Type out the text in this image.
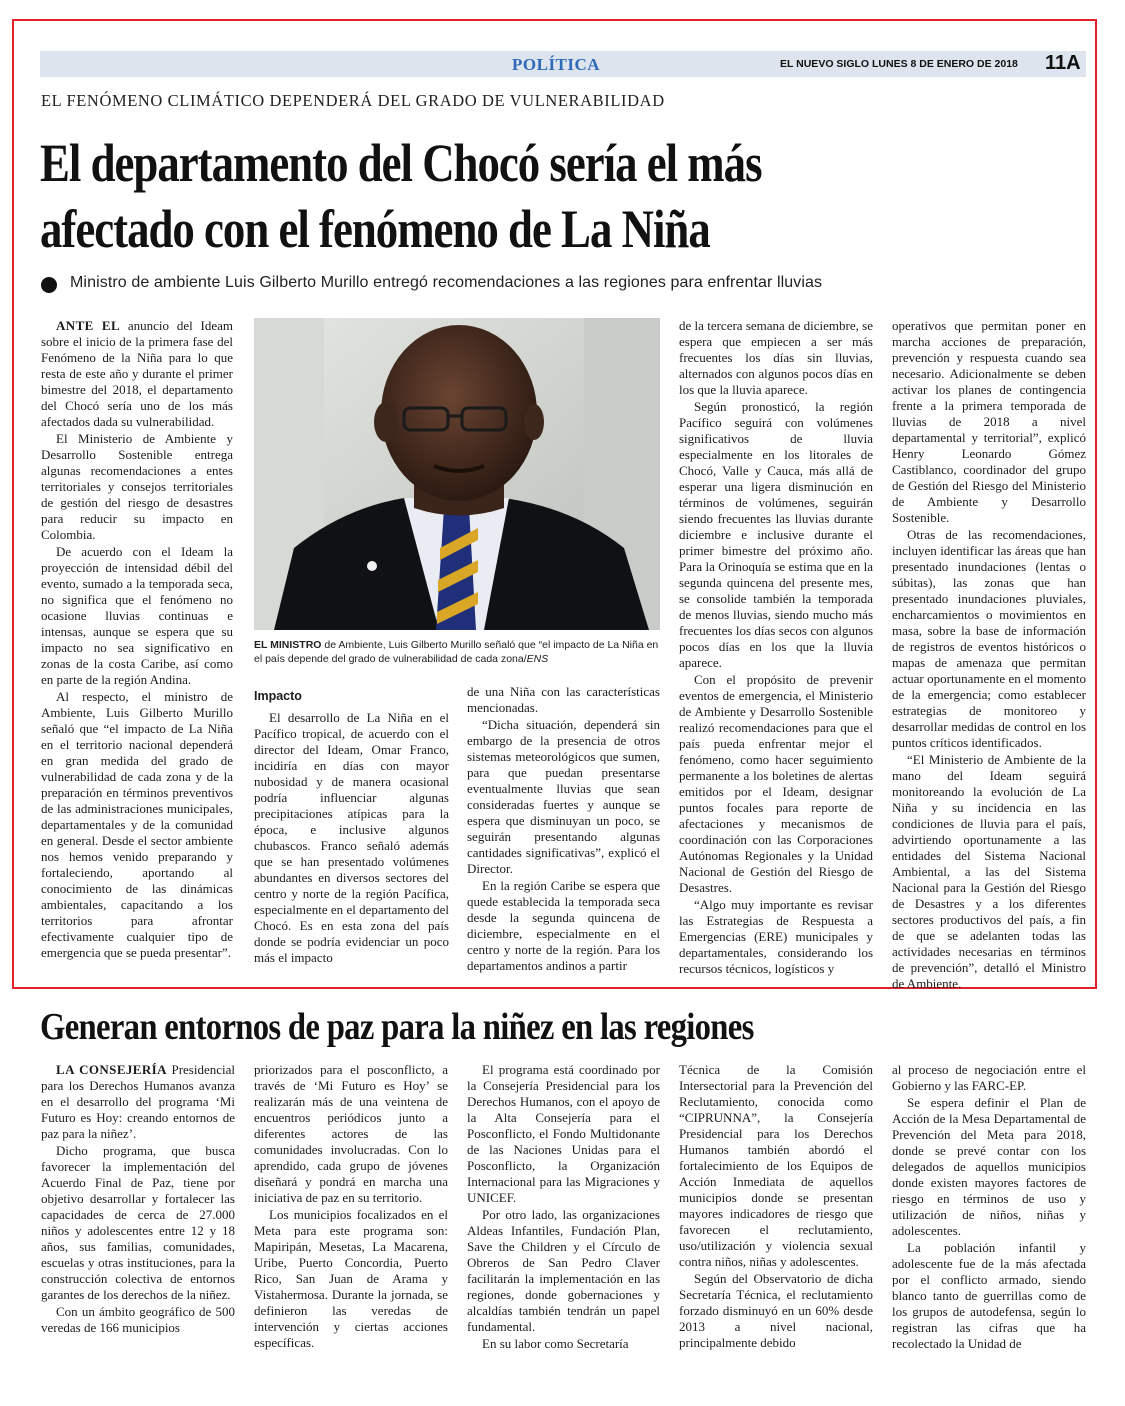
POLÍTICA	EL NUEVO SIGLO LUNES 8 DE ENERO DE 2018 11A
EL FENÓMENO CLIMÁTICO DEPENDERÁ DEL GRADO DE VULNERABILIDAD
El departamento del Chocó sería el más
afectado con el fenómeno de La Niña
Ministro de ambiente Luis Gilberto Murillo entregó recomendaciones a las regiones para enfrentar lluvias

ANTE EL anuncio del Ideam sobre el inicio de la primera fase del Fenómeno de la Niña para lo que resta de este año y durante el primer bimestre del 2018, el departamento del Chocó sería uno de los más afectados dada su vulnerabilidad.

El Ministerio de Ambiente y Desarrollo Sostenible entrega algunas recomendaciones a entes territoriales y consejos territoriales de gestión del riesgo de desastres para reducir su impacto en Colombia.

De acuerdo con el Ideam la proyección de intensidad débil del evento, sumado a la temporada seca, no significa que el fenómeno no ocasione lluvias continuas e intensas, aunque se espera que su impacto no sea significativo en zonas de la costa Caribe, así como en parte de la región Andina.

Al respecto, el ministro de Ambiente, Luis Gilberto Murillo señaló que “el impacto de La Niña en el territorio nacional dependerá en gran medida del grado de vulnerabilidad de cada zona y de la preparación en términos preventivos de las administraciones municipales, departamentales y de la comunidad en general. Desde el sector ambiente nos hemos venido preparando y fortaleciendo, aportando al conocimiento de las dinámicas ambientales, capacitando a los territorios para afrontar efectivamente cualquier tipo de emergencia que se pueda presentar”.

EL MINISTRO de Ambiente, Luis Gilberto Murillo señaló que “el impacto de La Niña en el país depende del grado de vulnerabilidad de cada zona/ENS
Impacto

El desarrollo de La Niña en el Pacífico tropical, de acuerdo con el director del Ideam, Omar Franco, incidiría en días con mayor nubosidad y de manera ocasional podría influenciar algunas precipitaciones atípicas para la época, e inclusive algunos chubascos. Franco señaló además que se han presentado volúmenes abundantes en diversos sectores del centro y norte de la región Pacífica, especialmente en el departamento del Chocó. Es en esta zona del país donde se podría evidenciar un poco más el impacto

de una Niña con las características mencionadas.

“Dicha situación, dependerá sin embargo de la presencia de otros sistemas meteorológicos que sumen, para que puedan presentarse eventualmente lluvias que sean consideradas fuertes y aunque se espera que disminuyan un poco, se seguirán presentando algunas cantidades significativas”, explicó el Director.

En la región Caribe se espera que quede establecida la temporada seca desde la segunda quincena de diciembre, especialmente en el centro y norte de la región. Para los departamentos andinos a partir

de la tercera semana de diciembre, se espera que empiecen a ser más frecuentes los días sin lluvias, alternados con algunos pocos días en los que la lluvia aparece.

Según pronosticó, la región Pacífico seguirá con volúmenes significativos de lluvia especialmente en los litorales de Chocó, Valle y Cauca, más allá de esperar una ligera disminución en términos de volúmenes, seguirán siendo frecuentes las lluvias durante diciembre e inclusive durante el primer bimestre del próximo año. Para la Orinoquía se estima que en la segunda quincena del presente mes, se consolide también la temporada de menos lluvias, siendo mucho más frecuentes los días secos con algunos pocos días en los que la lluvia aparece.

Con el propósito de prevenir eventos de emergencia, el Ministerio de Ambiente y Desarrollo Sostenible realizó recomendaciones para que el país pueda enfrentar mejor el fenómeno, como hacer seguimiento permanente a los boletines de alertas emitidos por el Ideam, designar puntos focales para reporte de afectaciones y mecanismos de coordinación con las Corporaciones Autónomas Regionales y la Unidad Nacional de Gestión del Riesgo de Desastres.

“Algo muy importante es revisar las Estrategias de Respuesta a Emergencias (ERE) municipales y departamentales, considerando los recursos técnicos, logísticos y

operativos que permitan poner en marcha acciones de preparación, prevención y respuesta cuando sea necesario. Adicionalmente se deben activar los planes de contingencia frente a la primera temporada de lluvias de 2018 a nivel departamental y territorial”, explicó Henry Leonardo Gómez Castiblanco, coordinador del grupo de Gestión del Riesgo del Ministerio de Ambiente y Desarrollo Sostenible.

Otras de las recomendaciones, incluyen identificar las áreas que han presentado inundaciones (lentas o súbitas), las zonas que han presentado inundaciones pluviales, encharcamientos o movimientos en masa, sobre la base de información de registros de eventos históricos o mapas de amenaza que permitan actuar oportunamente en el momento de la emergencia; como establecer estrategias de monitoreo y desarrollar medidas de control en los puntos críticos identificados.

“El Ministerio de Ambiente de la mano del Ideam seguirá monitoreando la evolución de La Niña y su incidencia en las condiciones de lluvia para el país, advirtiendo oportunamente a las entidades del Sistema Nacional Ambiental, a las del Sistema Nacional para la Gestión del Riesgo de Desastres y a los diferentes sectores productivos del país, a fin de que se adelanten todas las actividades necesarias en términos de prevención”, detalló el Ministro de Ambiente.

Generan entornos de paz para la niñez en las regiones

LA CONSEJERÍA Presidencial para los Derechos Humanos avanza en el desarrollo del programa ‘Mi Futuro es Hoy: creando entornos de paz para la niñez’.

Dicho programa, que busca favorecer la implementación del Acuerdo Final de Paz, tiene por objetivo desarrollar y fortalecer las capacidades de cerca de 27.000 niños y adolescentes entre 12 y 18 años, sus familias, comunidades, escuelas y otras instituciones, para la construcción colectiva de entornos garantes de los derechos de la niñez.

Con un ámbito geográfico de 500 veredas de 166 municipios

priorizados para el posconflicto, a través de ‘Mi Futuro es Hoy’ se realizarán más de una veintena de encuentros periódicos junto a diferentes actores de las comunidades involucradas. Con lo aprendido, cada grupo de jóvenes diseñará y pondrá en marcha una iniciativa de paz en su territorio.

Los municipios focalizados en el Meta para este programa son: Mapiripán, Mesetas, La Macarena, Uribe, Puerto Concordia, Puerto Rico, San Juan de Arama y Vistahermosa. Durante la jornada, se definieron las veredas de intervención y ciertas acciones específicas.

El programa está coordinado por la Consejería Presidencial para los Derechos Humanos, con el apoyo de la Alta Consejería para el Posconflicto, el Fondo Multidonante de las Naciones Unidas para el Posconflicto, la Organización Internacional para las Migraciones y UNICEF.

Por otro lado, las organizaciones Aldeas Infantiles, Fundación Plan, Save the Children y el Círculo de Obreros de San Pedro Claver facilitarán la implementación en las regiones, donde gobernaciones y alcaldías también tendrán un papel fundamental.

En su labor como Secretaría

Técnica de la Comisión Intersectorial para la Prevención del Reclutamiento, conocida como “CIPRUNNA”, la Consejería Presidencial para los Derechos Humanos también abordó el fortalecimiento de los Equipos de Acción Inmediata de aquellos municipios donde se presentan mayores indicadores de riesgo que favorecen el reclutamiento, uso/utilización y violencia sexual contra niños, niñas y adolescentes.

Según del Observatorio de dicha Secretaría Técnica, el reclutamiento forzado disminuyó en un 60% desde 2013 a nivel nacional, principalmente debido

al proceso de negociación entre el Gobierno y las FARC-EP.

Se espera definir el Plan de Acción de la Mesa Departamental de Prevención del Meta para 2018, donde se prevé contar con los delegados de aquellos municipios donde existen mayores factores de riesgo en términos de uso y utilización de niños, niñas y adolescentes.

La población infantil y adolescente fue de la más afectada por el conflicto armado, siendo blanco tanto de guerrillas como de los grupos de autodefensa, según lo registran las cifras que ha recolectado la Unidad de
